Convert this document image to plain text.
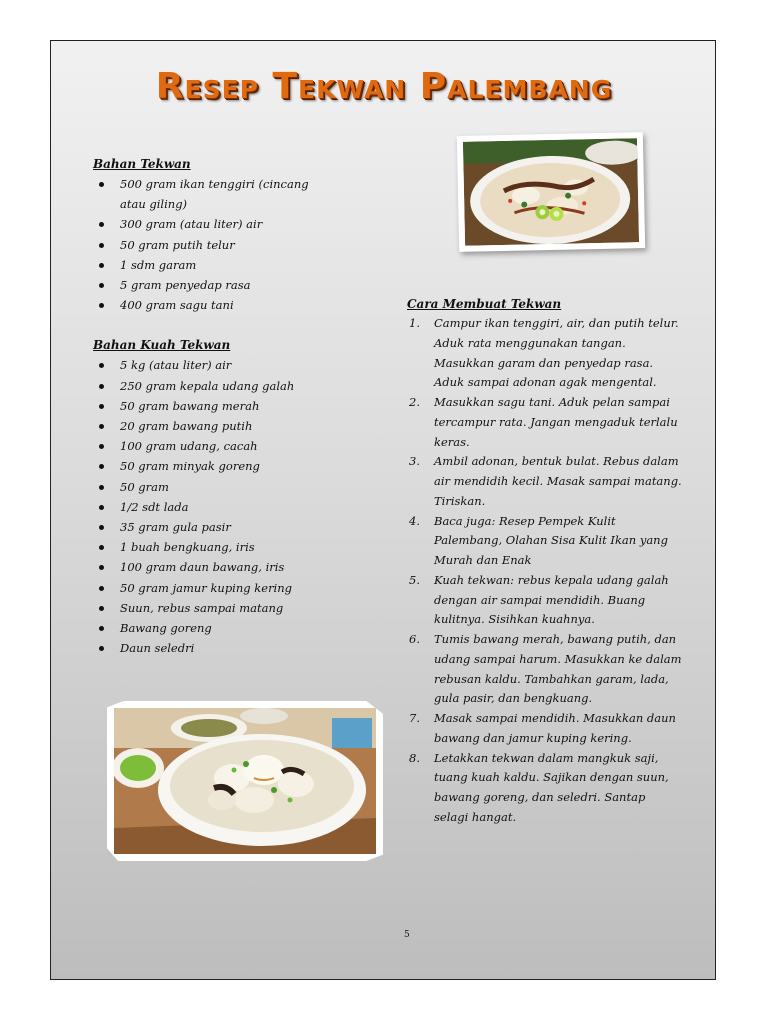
Resep Tekwan Palembang
Bahan Tekwan
500 gram ikan tenggiri (cincang atau giling)
300 gram (atau liter) air
50 gram putih telur
1 sdm garam
5 gram penyedap rasa
400 gram sagu tani
Bahan Kuah Tekwan
5 kg (atau liter) air
250 gram kepala udang galah
50 gram bawang merah
20 gram bawang putih
100 gram udang, cacah
50 gram minyak goreng
50 gram
1/2 sdt lada
35 gram gula pasir
1 buah bengkuang, iris
100 gram daun bawang, iris
50 gram jamur kuping kering
Suun, rebus sampai matang
Bawang goreng
Daun seledri
Cara Membuat Tekwan
Campur ikan tenggiri, air, dan putih telur. Aduk rata menggunakan tangan. Masukkan garam dan penyedap rasa. Aduk sampai adonan agak mengental.
Masukkan sagu tani. Aduk pelan sampai tercampur rata. Jangan mengaduk terlalu keras.
Ambil adonan, bentuk bulat. Rebus dalam air mendidih kecil. Masak sampai matang. Tiriskan.
Baca juga: Resep Pempek Kulit Palembang, Olahan Sisa Kulit Ikan yang Murah dan Enak
Kuah tekwan: rebus kepala udang galah dengan air sampai mendidih. Buang kulitnya. Sisihkan kuahnya.
Tumis bawang merah, bawang putih, dan udang sampai harum. Masukkan ke dalam rebusan kaldu. Tambahkan garam, lada, gula pasir, dan bengkuang.
Masak sampai mendidih. Masukkan daun bawang dan jamur kuping kering.
Letakkan tekwan dalam mangkuk saji, tuang kuah kaldu. Sajikan dengan suun, bawang goreng, dan seledri. Santap selagi hangat.
5
